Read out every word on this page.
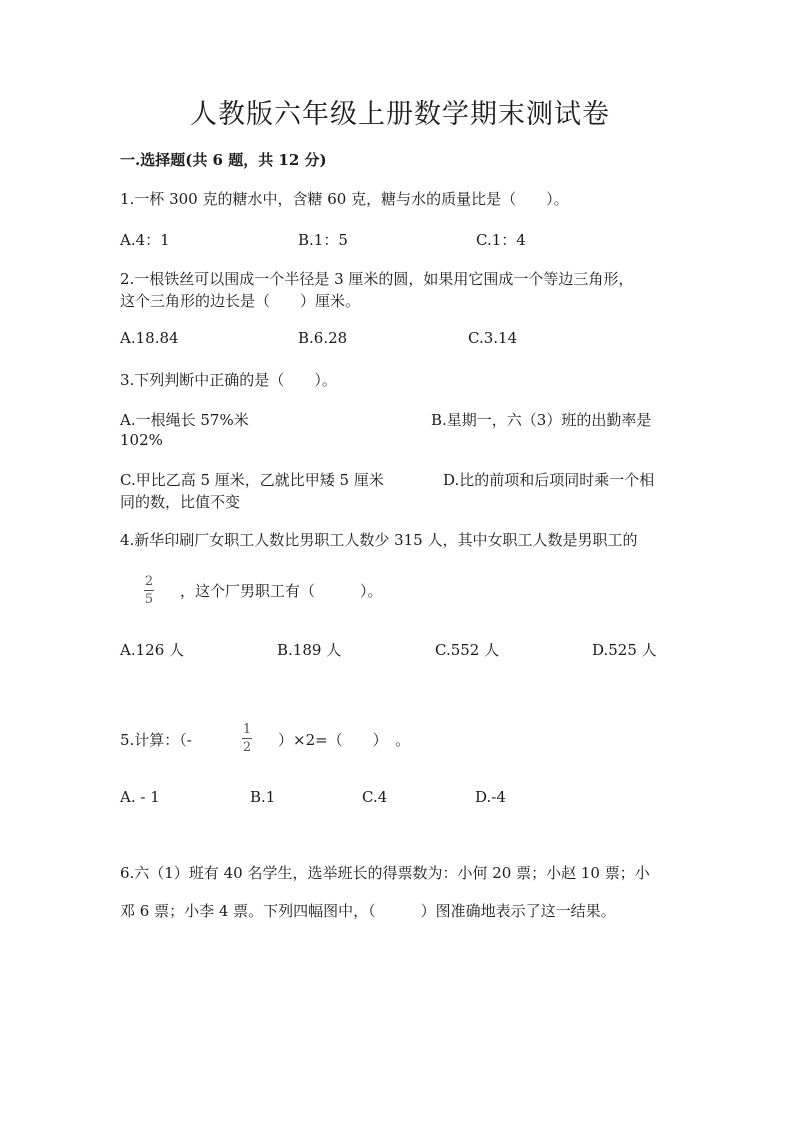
人教版六年级上册数学期末测试卷
一.选择题(共 6 题，共 12 分)
1.一杯 300 克的糖水中，含糖 60 克，糖与水的质量比是（　　）。
A.4：1	B.1：5	C.1：4
2.一根铁丝可以围成一个半径是 3 厘米的圆，如果用它围成一个等边三角形，
这个三角形的边长是（　　）厘米。
A.18.84	B.6.28	C.3.14
3.下列判断中正确的是（　　）。
A.一根绳长 57%米	B.星期一，六（3）班的出勤率是
102%
C.甲比乙高 5 厘米，乙就比甲矮 5 厘米	D.比的前项和后项同时乘一个相
同的数，比值不变
4.新华印刷厂女职工人数比男职工人数少 315 人，其中女职工人数是男职工的
2
5 ，这个厂男职工有（　　　）。
A.126 人	B.189 人	C.552 人	D.525 人
5.计算：（-
1
2 ）×2=（　　）　。
A. - 1	B.1	C.4	D.-4
6.六（1）班有 40 名学生，选举班长的得票数为：小何 20 票；小赵 10 票；小
邓 6 票；小李 4 票。下列四幅图中，（　　　）图准确地表示了这一结果。
